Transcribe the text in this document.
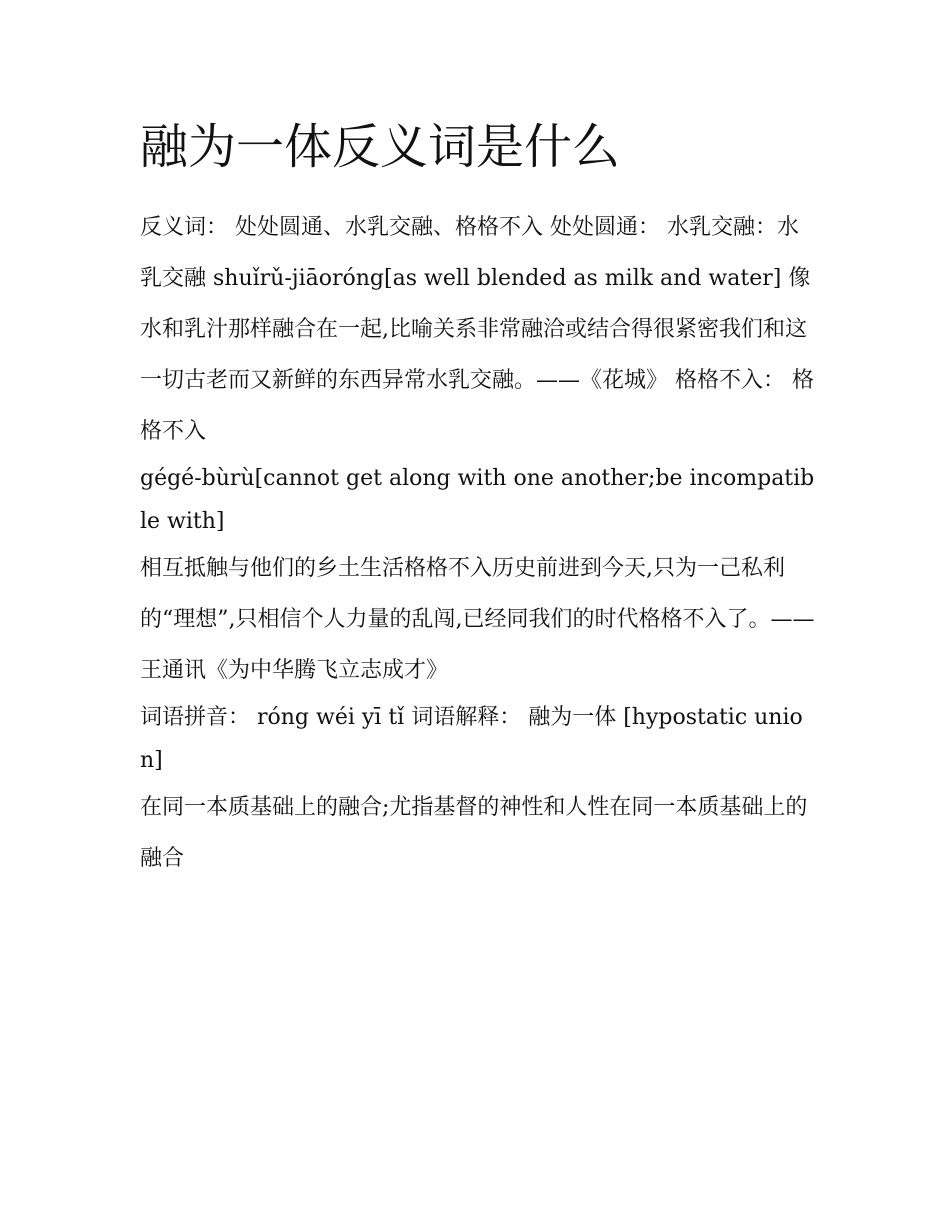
融为一体反义词是什么

反义词： 处处圆通、水乳交融、格格不入 处处圆通： 水乳交融：水乳交融 shuǐrǔ-jiāoróng[as well blended as milk and water] 像水和乳汁那样融合在一起,比喻关系非常融洽或结合得很紧密我们和这一切古老而又新鲜的东西异常水乳交融。——《花城》 格格不入： 格格不入

gégé-bùrù[cannot get along with one another;be incompatible with]

相互抵触与他们的乡土生活格格不入历史前进到今天,只为一己私利的“理想”,只相信个人力量的乱闯,已经同我们的时代格格不入了。——王通讯《为中华腾飞立志成才》

词语拼音： róng wéi yī tǐ 词语解释： 融为一体 [hypostatic union]

在同一本质基础上的融合;尤指基督的神性和人性在同一本质基础上的融合
